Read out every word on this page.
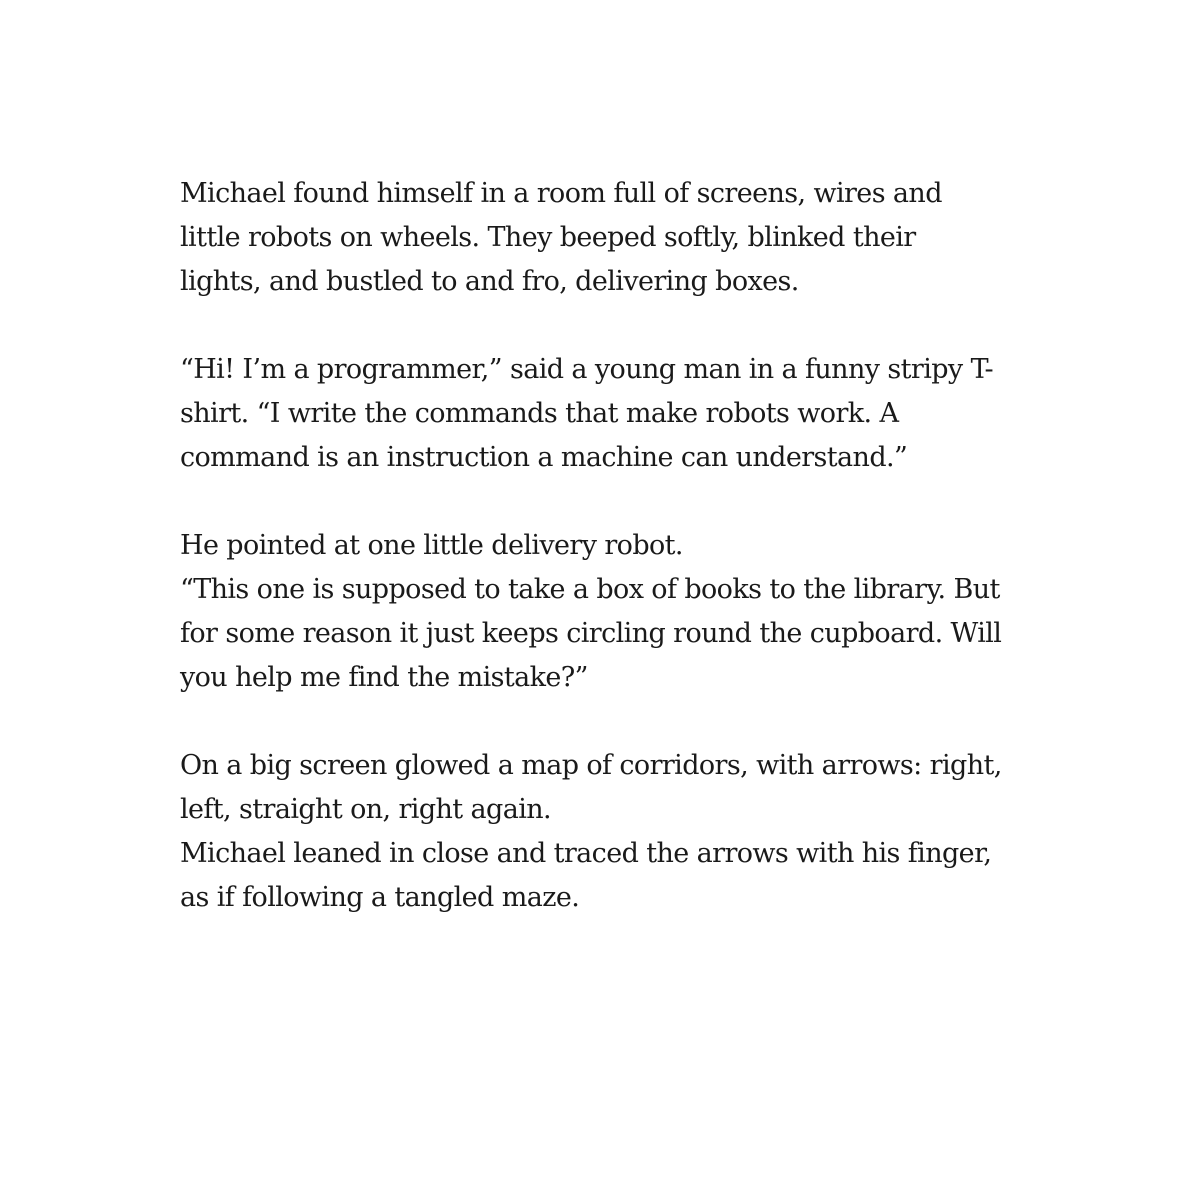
Michael found himself in a room full of screens, wires and
little robots on wheels. They beeped softly, blinked their
lights, and bustled to and fro, delivering boxes.
“Hi! I’m a programmer,” said a young man in a funny stripy T-
shirt. “I write the commands that make robots work. A
command is an instruction a machine can understand.”
He pointed at one little delivery robot.
“This one is supposed to take a box of books to the library. But
for some reason it just keeps circling round the cupboard. Will
you help me find the mistake?”
On a big screen glowed a map of corridors, with arrows: right,
left, straight on, right again.
Michael leaned in close and traced the arrows with his finger,
as if following a tangled maze.
